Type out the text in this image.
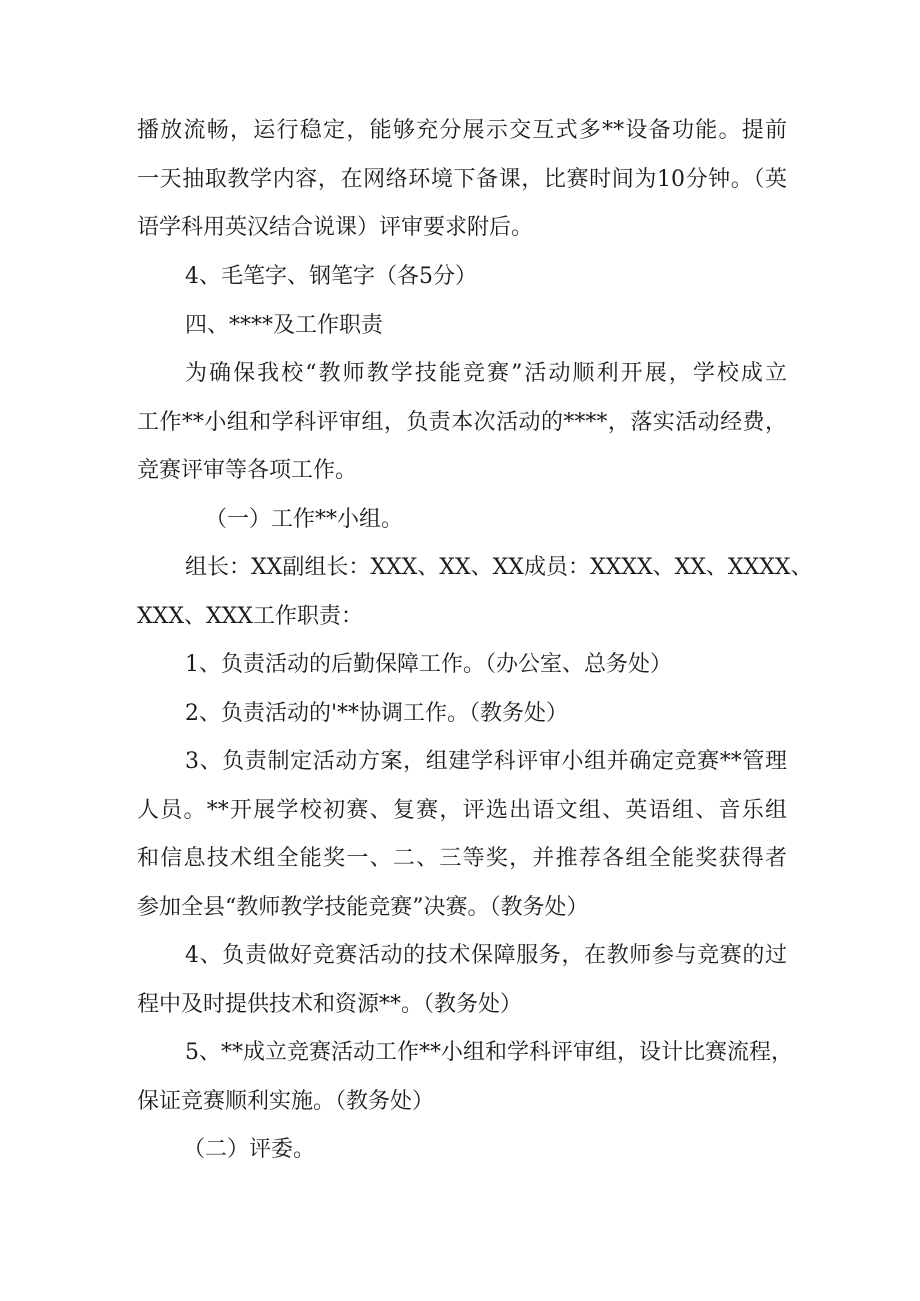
播放流畅，运行稳定，能够充分展示交互式多**设备功能。提前
一天抽取教学内容，在网络环境下备课，比赛时间为10分钟。（英
语学科用英汉结合说课）评审要求附后。
4、毛笔字、钢笔字（各5分）
四、****及工作职责
为确保我校“教师教学技能竞赛”活动顺利开展，学校成立
工作**小组和学科评审组，负责本次活动的****，落实活动经费，
竞赛评审等各项工作。
（一）工作**小组。
组长：XX副组长：XXX、XX、XX成员：XXXX、XX、XXXX、
XXX、XXX工作职责：
1、负责活动的后勤保障工作。（办公室、总务处）
2、负责活动的'**协调工作。（教务处）
3、负责制定活动方案，组建学科评审小组并确定竞赛**管理
人员。**开展学校初赛、复赛，评选出语文组、英语组、音乐组
和信息技术组全能奖一、二、三等奖，并推荐各组全能奖获得者
参加全县“教师教学技能竞赛”决赛。（教务处）
4、负责做好竞赛活动的技术保障服务，在教师参与竞赛的过
程中及时提供技术和资源**。（教务处）
5、**成立竞赛活动工作**小组和学科评审组，设计比赛流程，
保证竞赛顺利实施。（教务处）
（二）评委。
